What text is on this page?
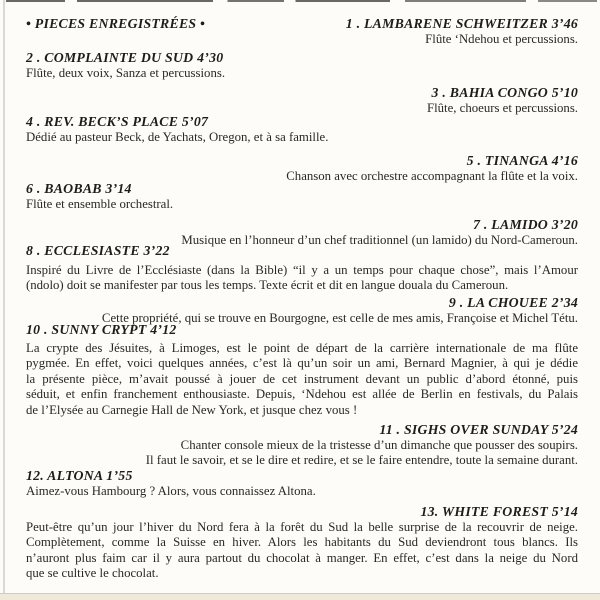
• PIECES ENREGISTRÉES •	1 . LAMBARENE SCHWEITZER 3’46
Flûte ‘Ndehou et percussions.
2 . COMPLAINTE DU SUD 4’30
Flûte, deux voix, Sanza et percussions.
3 . BAHIA CONGO 5’10
Flûte, choeurs et percussions.
4 . REV. BECK’S PLACE 5’07
Dédié au pasteur Beck, de Yachats, Oregon, et à sa famille.
5 . TINANGA 4’16
Chanson avec orchestre accompagnant la flûte et la voix.
6 . BAOBAB 3’14
Flûte et ensemble orchestral.
7 . LAMIDO 3’20
Musique en l’honneur d’un chef traditionnel (un lamido) du Nord-Cameroun.
8 . ECCLESIASTE 3’22
Inspiré du Livre de l’Ecclésiaste (dans la Bible) “il y a un temps pour chaque chose”, mais l’Amour
(ndolo) doit se manifester par tous les temps. Texte écrit et dit en langue douala du Cameroun.
9 . LA CHOUEE 2’34
Cette propriété, qui se trouve en Bourgogne, est celle de mes amis, Françoise et Michel Tétu.
10 . SUNNY CRYPT 4’12
La crypte des Jésuites, à Limoges, est le point de départ de la carrière internationale de ma flûte
pygmée. En effet, voici quelques années, c’est là qu’un soir un ami, Bernard Magnier, à qui je dédie
la présente pièce, m’avait poussé à jouer de cet instrument devant un public d’abord étonné, puis
séduit, et enfin franchement enthousiaste. Depuis, ‘Ndehou est allée de Berlin en festivals, du Palais
de l’Elysée au Carnegie Hall de New York, et jusque chez vous !
11 . SIGHS OVER SUNDAY 5’24
Chanter console mieux de la tristesse d’un dimanche que pousser des soupirs.
Il faut le savoir, et se le dire et redire, et se le faire entendre, toute la semaine durant.
12. ALTONA 1’55
Aimez-vous Hambourg ? Alors, vous connaissez Altona.
13. WHITE FOREST 5’14
Peut-être qu’un jour l’hiver du Nord fera à la forêt du Sud la belle surprise de la recouvrir de neige.
Complètement, comme la Suisse en hiver. Alors les habitants du Sud deviendront tous blancs. Ils
n’auront plus faim car il y aura partout du chocolat à manger. En effet, c’est dans la neige du Nord
que se cultive le chocolat.
